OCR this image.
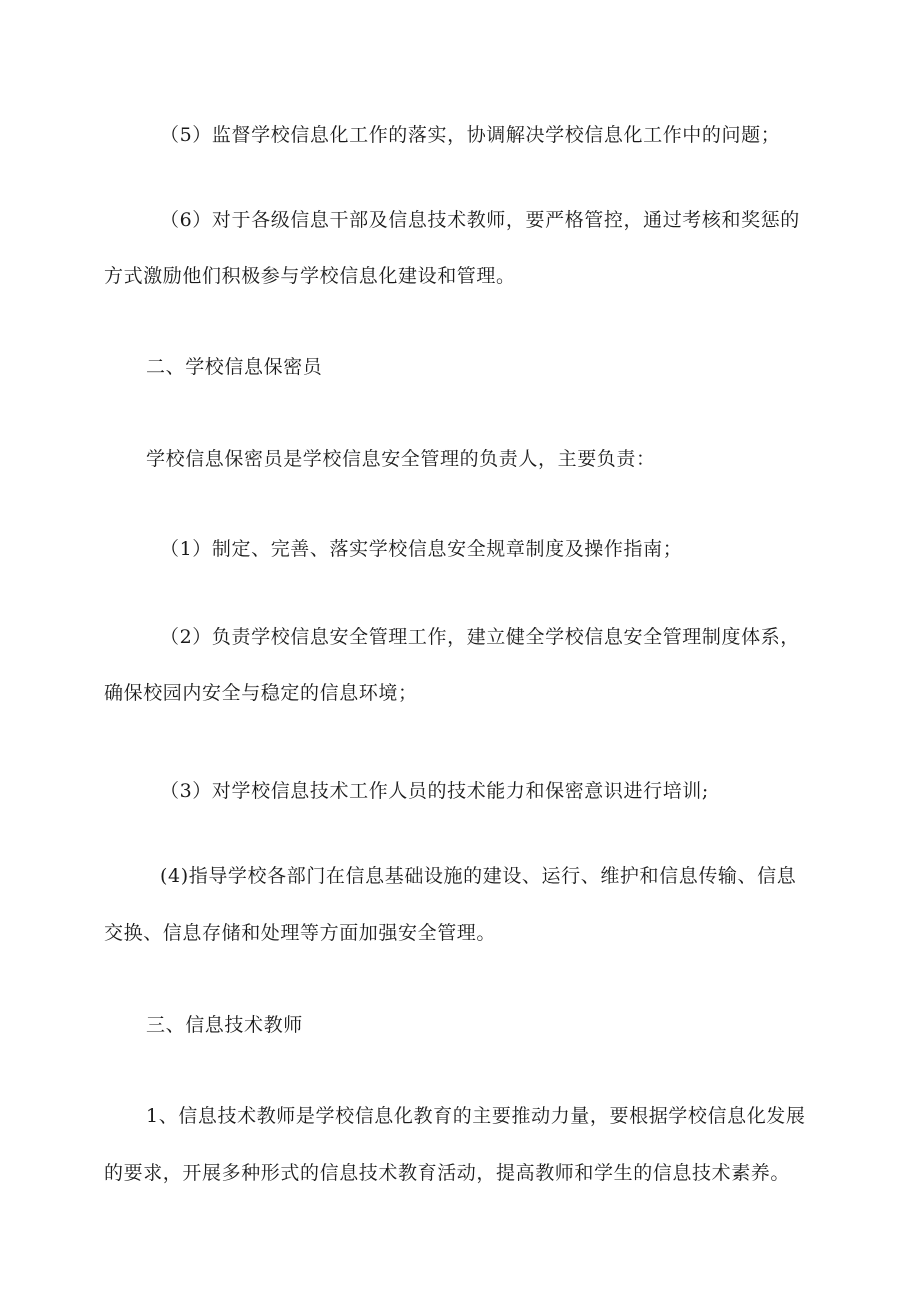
（5）监督学校信息化工作的落实，协调解决学校信息化工作中的问题；
（6）对于各级信息干部及信息技术教师，要严格管控，通过考核和奖惩的
方式激励他们积极参与学校信息化建设和管理。
二、学校信息保密员
学校信息保密员是学校信息安全管理的负责人，主要负责：
（1）制定、完善、落实学校信息安全规章制度及操作指南；
（2）负责学校信息安全管理工作，建立健全学校信息安全管理制度体系，
确保校园内安全与稳定的信息环境；
（3）对学校信息技术工作人员的技术能力和保密意识进行培训;
(4)指导学校各部门在信息基础设施的建设、运行、维护和信息传输、信息
交换、信息存储和处理等方面加强安全管理。
三、信息技术教师
1、信息技术教师是学校信息化教育的主要推动力量，要根据学校信息化发展
的要求，开展多种形式的信息技术教育活动，提高教师和学生的信息技术素养。
